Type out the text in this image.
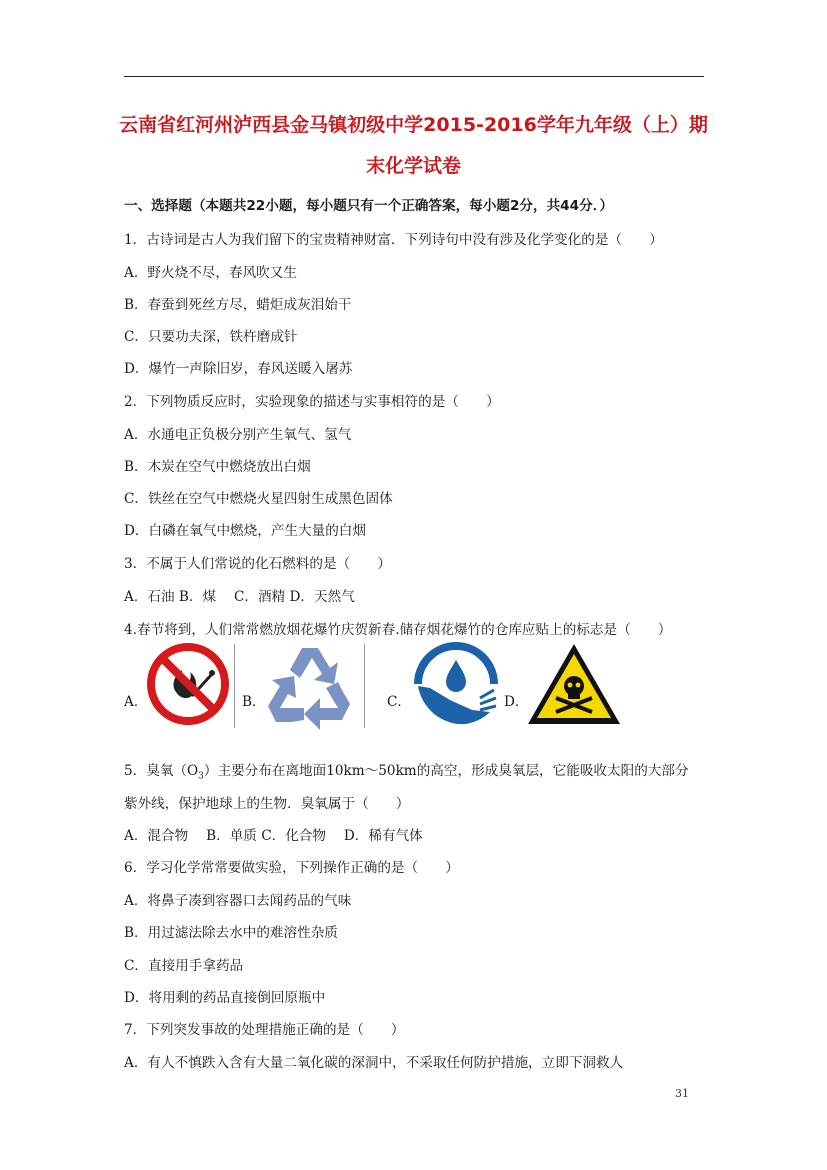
云南省红河州泸西县金马镇初级中学2015-2016学年九年级（上）期
末化学试卷
一、选择题（本题共22小题，每小题只有一个正确答案，每小题2分，共44分．）
1．古诗词是古人为我们留下的宝贵精神财富．下列诗句中没有涉及化学变化的是（　　）
A．野火烧不尽，春风吹又生
B．春蚕到死丝方尽，蜡炬成灰泪始干
C．只要功夫深，铁杵磨成针
D．爆竹一声除旧岁，春风送暖入屠苏
2．下列物质反应时，实验现象的描述与实事相符的是（　　）
A．水通电正负极分别产生氧气、氢气
B．木炭在空气中燃烧放出白烟
C．铁丝在空气中燃烧火星四射生成黑色固体
D．白磷在氧气中燃烧，产生大量的白烟
3．不属于人们常说的化石燃料的是（　　）
A．石油 B．煤　 C．酒精 D．天然气
4.春节将到，人们常常燃放烟花爆竹庆贺新春.储存烟花爆竹的仓库应贴上的标志是（　　）
A．	B．	C．	D．
5．臭氧$(O_3)$主要分布在离地面10km～50km的高空，形成臭氧层，它能吸收太阳的大部分
紫外线，保护地球上的生物．臭氧属于（　　）
A．混合物　 B．单质 C．化合物　 D．稀有气体
6．学习化学常常要做实验，下列操作正确的是（　　）
A．将鼻子凑到容器口去闻药品的气味
B．用过滤法除去水中的难溶性杂质
C．直接用手拿药品
D．将用剩的药品直接倒回原瓶中
7．下列突发事故的处理措施正确的是（　　）
A．有人不慎跌入含有大量二氧化碳的深洞中，不采取任何防护措施，立即下洞救人
31
